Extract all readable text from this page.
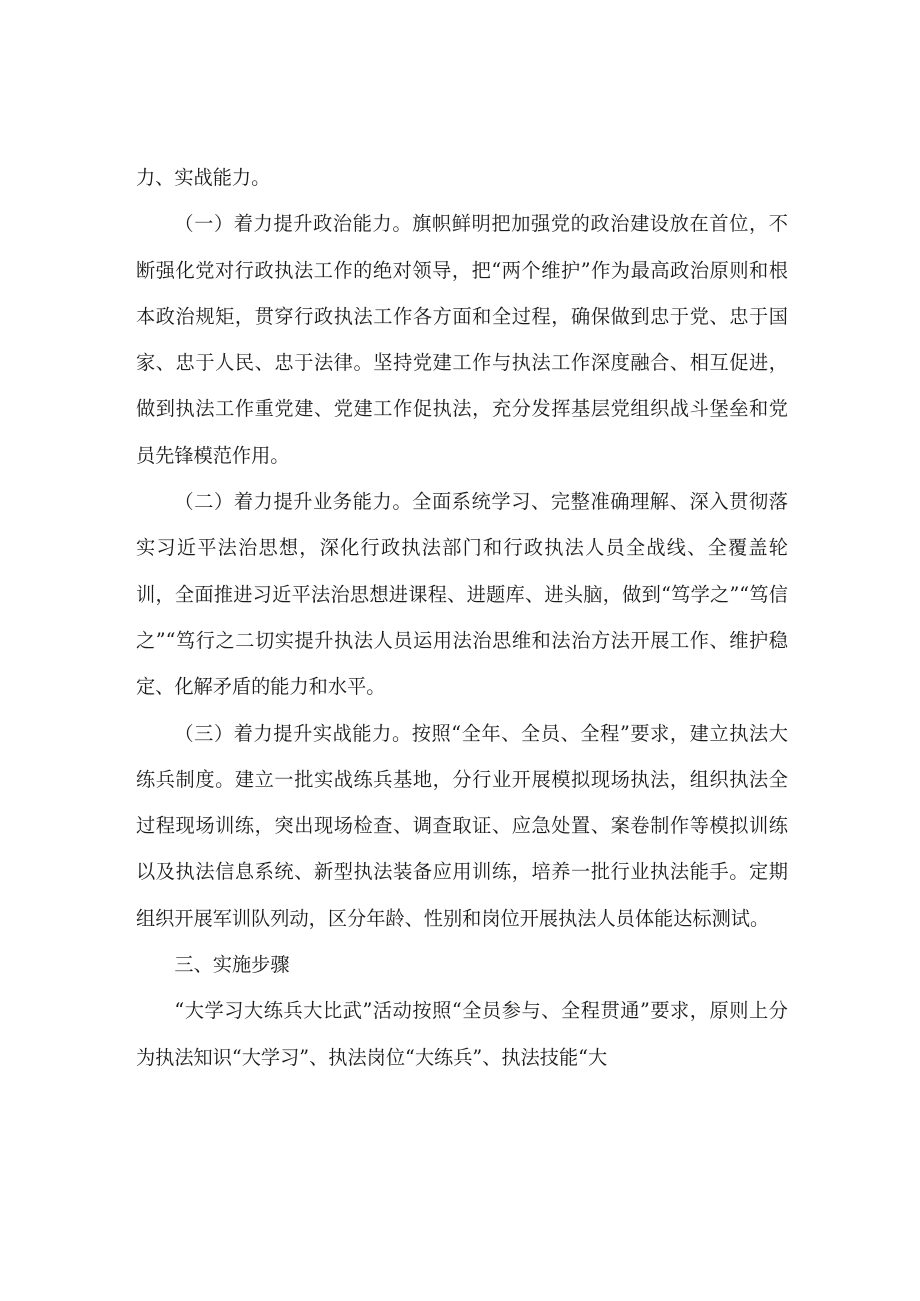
力、实战能力。

（一）着力提升政治能力。旗帜鲜明把加强党的政治建设放在首位，不断强化党对行政执法工作的绝对领导，把“两个维护”作为最高政治原则和根本政治规矩，贯穿行政执法工作各方面和全过程，确保做到忠于党、忠于国家、忠于人民、忠于法律。坚持党建工作与执法工作深度融合、相互促进，做到执法工作重党建、党建工作促执法，充分发挥基层党组织战斗堡垒和党员先锋模范作用。

（二）着力提升业务能力。全面系统学习、完整准确理解、深入贯彻落实习近平法治思想，深化行政执法部门和行政执法人员全战线、全覆盖轮训，全面推进习近平法治思想进课程、进题库、进头脑，做到“笃学之”“笃信之”“笃行之二切实提升执法人员运用法治思维和法治方法开展工作、维护稳定、化解矛盾的能力和水平。

（三）着力提升实战能力。按照“全年、全员、全程”要求，建立执法大练兵制度。建立一批实战练兵基地，分行业开展模拟现场执法，组织执法全过程现场训练，突出现场检查、调查取证、应急处置、案卷制作等模拟训练以及执法信息系统、新型执法装备应用训练，培养一批行业执法能手。定期组织开展军训队列动，区分年龄、性别和岗位开展执法人员体能达标测试。

三、实施步骤

“大学习大练兵大比武”活动按照“全员参与、全程贯通”要求，原则上分为执法知识“大学习”、执法岗位“大练兵”、执法技能“大
